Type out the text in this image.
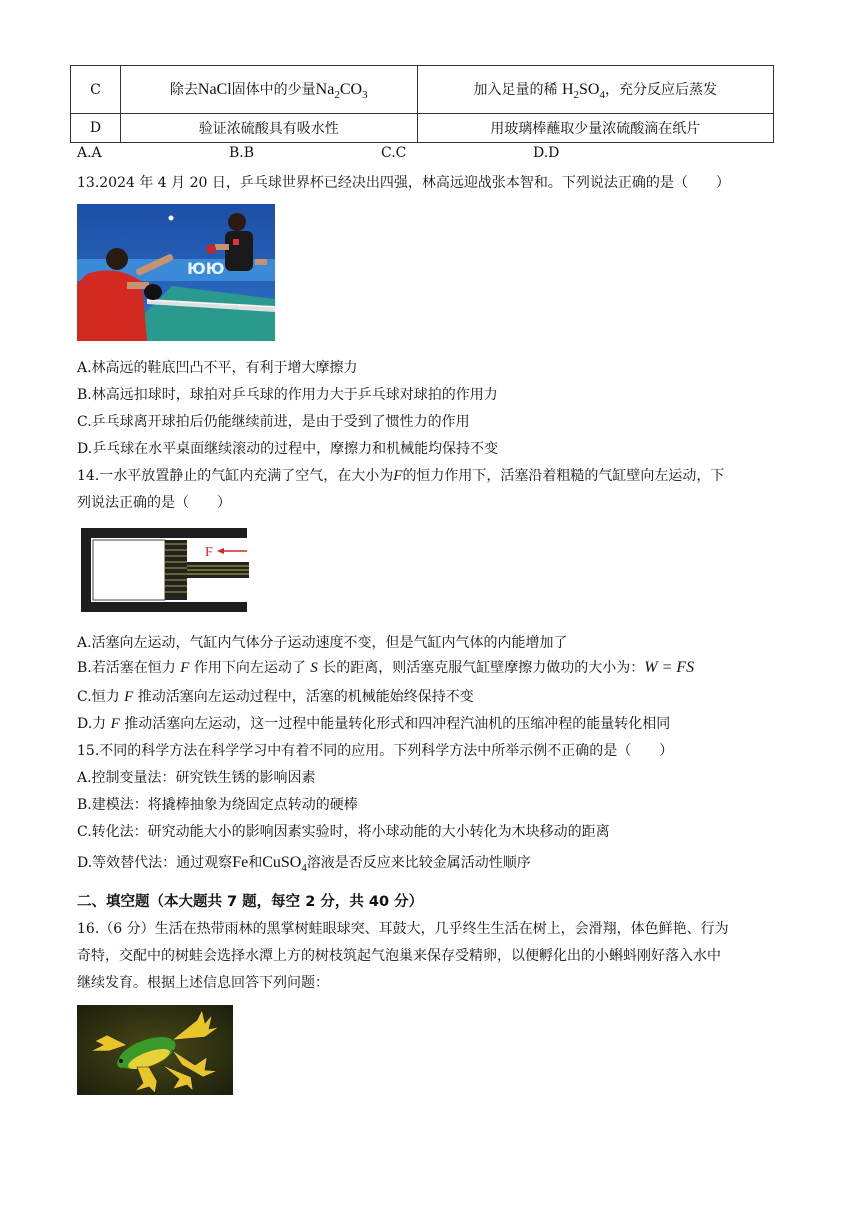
C	除去NaCl固体中的少量$Na_2CO_3$	加入足量的稀 $H_2SO_4$，充分反应后蒸发
D	验证浓硫酸具有吸水性	用玻璃棒蘸取少量浓硫酸滴在纸片
A.A	B.B	C.C	D.D
13.2024 年 4 月 20 日，乒乓球世界杯已经决出四强，林高远迎战张本智和。下列说法正确的是（　　）
ЮЮ
A.林高远的鞋底凹凸不平，有利于增大摩擦力
B.林高远扣球时，球拍对乒乓球的作用力大于乒乓球对球拍的作用力
C.乒乓球离开球拍后仍能继续前进，是由于受到了惯性力的作用
D.乒乓球在水平桌面继续滚动的过程中，摩擦力和机械能均保持不变
14.一水平放置静止的气缸内充满了空气，在大小为F的恒力作用下，活塞沿着粗糙的气缸壁向左运动，下
列说法正确的是（　　）
F
A.活塞向左运动，气缸内气体分子运动速度不变，但是气缸内气体的内能增加了
B.若活塞在恒力 F 作用下向左运动了 S 长的距离，则活塞克服气缸壁摩擦力做功的大小为：W = FS
C.恒力 F 推动活塞向左运动过程中，活塞的机械能始终保持不变
D.力 F 推动活塞向左运动，这一过程中能量转化形式和四冲程汽油机的压缩冲程的能量转化相同
15.不同的科学方法在科学学习中有着不同的应用。下列科学方法中所举示例不正确的是（　　）
A.控制变量法：研究铁生锈的影响因素
B.建模法：将撬棒抽象为绕固定点转动的硬棒
C.转化法：研究动能大小的影响因素实验时，将小球动能的大小转化为木块移动的距离
D.等效替代法：通过观察Fe和CuSO$_4$溶液是否反应来比较金属活动性顺序
二、填空题（本大题共 7 题，每空 2 分，共 40 分）
16.（6 分）生活在热带雨林的黑掌树蛙眼球突、耳鼓大，几乎终生生活在树上，会滑翔，体色鲜艳、行为
奇特，交配中的树蛙会选择水潭上方的树枝筑起气泡巢来保存受精卵，以便孵化出的小蝌蚪刚好落入水中
继续发育。根据上述信息回答下列问题：
